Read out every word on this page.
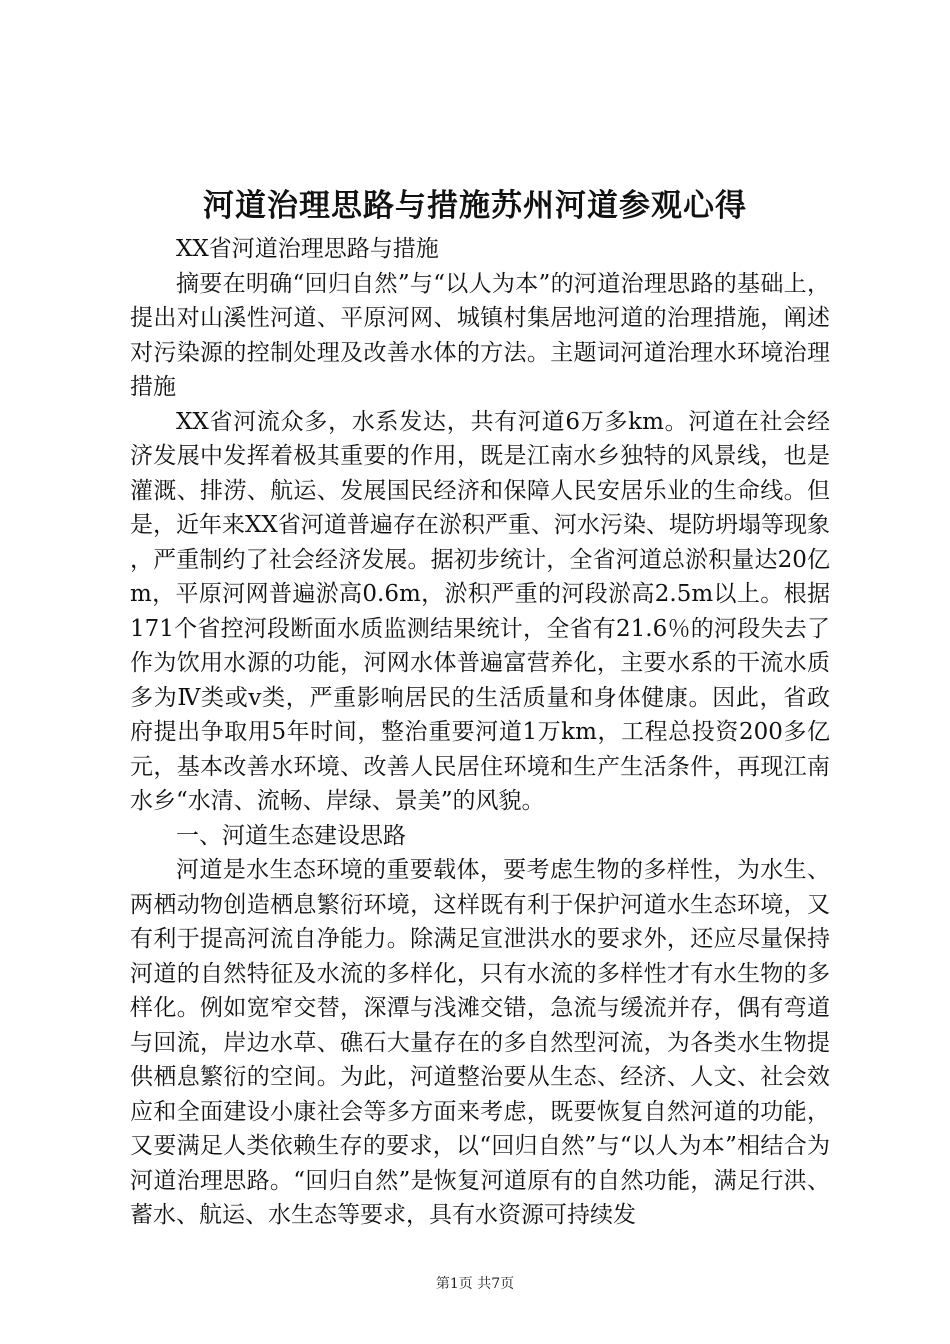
河道治理思路与措施苏州河道参观心得

XX省河道治理思路与措施

摘要在明确“回归自然”与“以人为本”的河道治理思路的基础上，提出对山溪性河道、平原河网、城镇村集居地河道的治理措施，阐述对污染源的控制处理及改善水体的方法。主题词河道治理水环境治理措施

XX省河流众多，水系发达，共有河道6万多km。河道在社会经济发展中发挥着极其重要的作用，既是江南水乡独特的风景线，也是灌溉、排涝、航运、发展国民经济和保障人民安居乐业的生命线。但是，近年来XX省河道普遍存在淤积严重、河水污染、堤防坍塌等现象，严重制约了社会经济发展。据初步统计，全省河道总淤积量达20亿m，平原河网普遍淤高0.6m，淤积严重的河段淤高2.5m以上。根据171个省控河段断面水质监测结果统计，全省有21.6％的河段失去了作为饮用水源的功能，河网水体普遍富营养化，主要水系的干流水质多为Ⅳ类或v类，严重影响居民的生活质量和身体健康。因此，省政府提出争取用5年时间，整治重要河道1万km，工程总投资200多亿元，基本改善水环境、改善人民居住环境和生产生活条件，再现江南水乡“水清、流畅、岸绿、景美”的风貌。

一、河道生态建设思路

河道是水生态环境的重要载体，要考虑生物的多样性，为水生、两栖动物创造栖息繁衍环境，这样既有利于保护河道水生态环境，又有利于提高河流自净能力。除满足宣泄洪水的要求外，还应尽量保持河道的自然特征及水流的多样化，只有水流的多样性才有水生物的多样化。例如宽窄交替，深潭与浅滩交错，急流与缓流并存，偶有弯道与回流，岸边水草、礁石大量存在的多自然型河流，为各类水生物提供栖息繁衍的空间。为此，河道整治要从生态、经济、人文、社会效应和全面建设小康社会等多方面来考虑，既要恢复自然河道的功能，又要满足人类依赖生存的要求，以“回归自然”与“以人为本”相结合为河道治理思路。“回归自然”是恢复河道原有的自然功能，满足行洪、蓄水、航运、水生态等要求，具有水资源可持续发

第1页 共7页
